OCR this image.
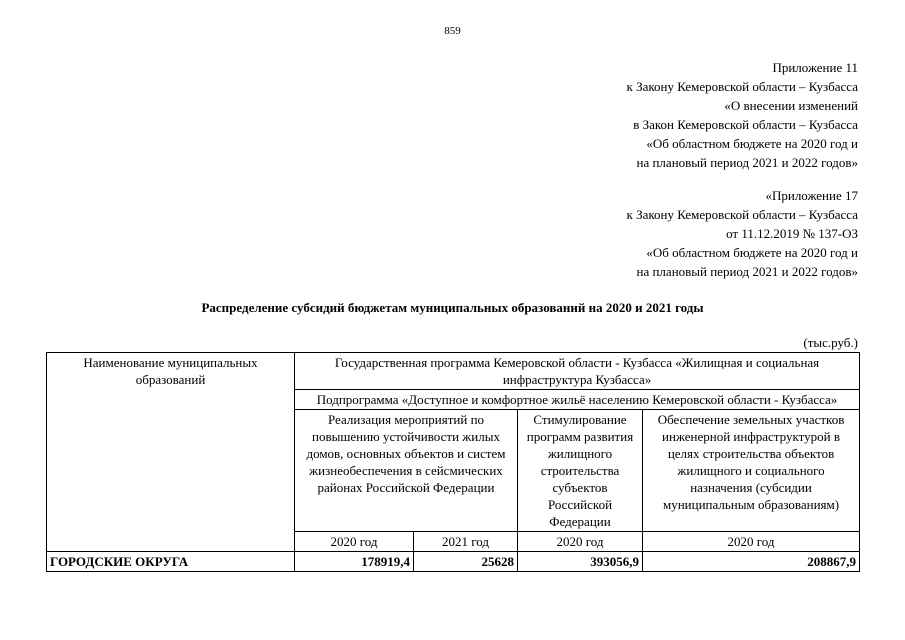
859
Приложение 11
к Закону Кемеровской области – Кузбасса
«О внесении изменений
в Закон Кемеровской области – Кузбасса
«Об областном бюджете на 2020 год и
на плановый период 2021 и 2022 годов»
«Приложение 17
к Закону Кемеровской области – Кузбасса
от 11.12.2019 № 137-ОЗ
«Об областном бюджете на 2020 год и
на плановый период 2021 и 2022 годов»
Распределение субсидий бюджетам муниципальных образований на 2020 и 2021 годы
(тыс.руб.)
Наименование муниципальных образований	Государственная программа Кемеровской области - Кузбасса «Жилищная и социальная инфраструктура Кузбасса»			
	Подпрограмма «Доступное и комфортное жильё населению Кемеровской области - Кузбасса»			
	Реализация мероприятий по повышению устойчивости жилых домов, основных объектов и систем жизнеобеспечения в сейсмических районах Российской Федерации		Стимулирование программ развития жилищного строительства субъектов Российской Федерации	Обеспечение земельных участков инженерной инфраструктурой в целях строительства объектов жилищного и социального назначения (субсидии муниципальным образованиям)
	2020 год	2021 год	2020 год	2020 год
ГОРОДСКИЕ ОКРУГА	178919,4	25628	393056,9	208867,9
